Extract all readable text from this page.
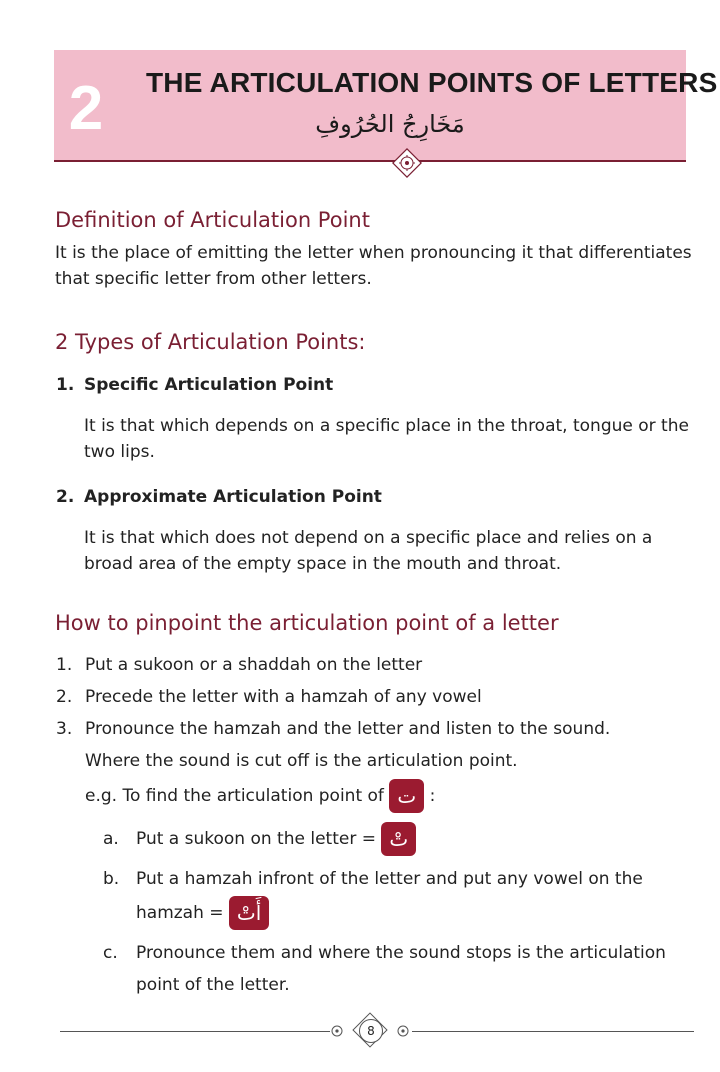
2 THE ARTICULATION POINTS OF LETTERS
مَخَارِجُ الحُرُوفِ
Definition of Articulation Point
It is the place of emitting the letter when pronouncing it that differentiates that specific letter from other letters.
2 Types of Articulation Points:
1. Specific Articulation Point
It is that which depends on a specific place in the throat, tongue or the two lips.
2. Approximate Articulation Point
It is that which does not depend on a specific place and relies on a broad area of the empty space in the mouth and throat.
How to pinpoint the articulation point of a letter
1. Put a sukoon or a shaddah on the letter
2. Precede the letter with a hamzah of any vowel
3. Pronounce the hamzah and the letter and listen to the sound.
Where the sound is cut off is the articulation point.
e.g. To find the articulation point of ت :
a. Put a sukoon on the letter = تْ
b. Put a hamzah infront of the letter and put any vowel on the
hamzah = أَتْ
c. Pronounce them and where the sound stops is the articulation
point of the letter.
8
